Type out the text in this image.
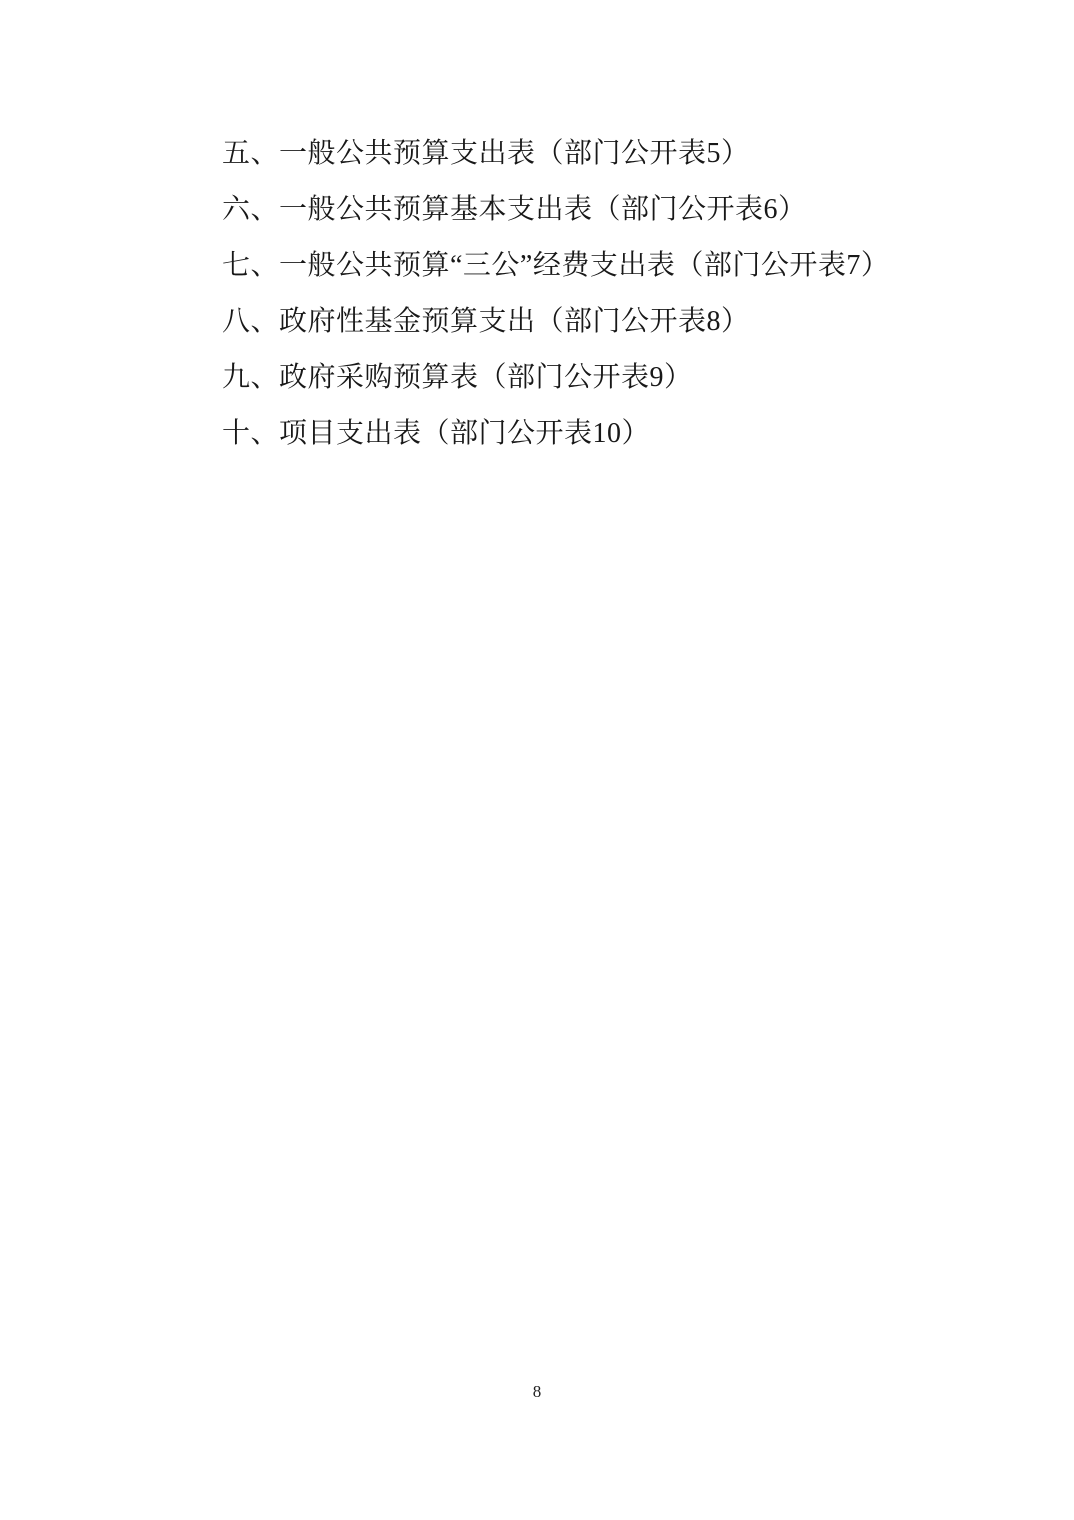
五、一般公共预算支出表（部门公开表5）
六、一般公共预算基本支出表（部门公开表6）
七、一般公共预算“三公”经费支出表（部门公开表7）
八、政府性基金预算支出（部门公开表8）
九、政府采购预算表（部门公开表9）
十、项目支出表（部门公开表10）
8
